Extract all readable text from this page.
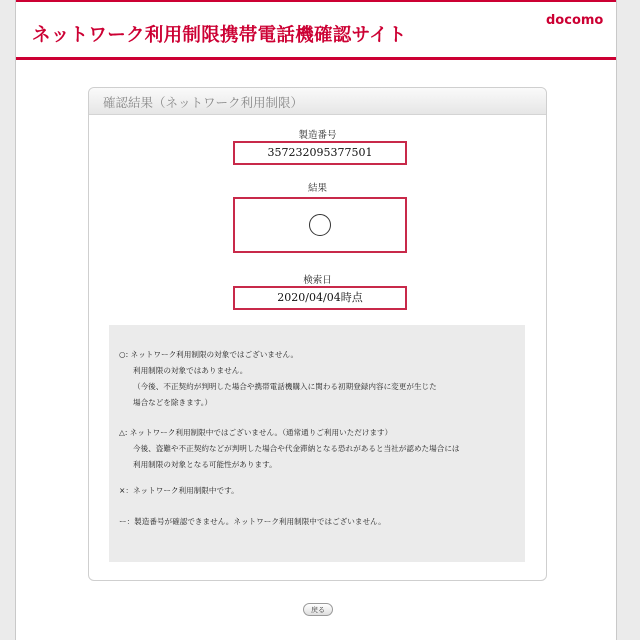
ネットワーク利用制限携帯電話機確認サイト
docomo
確認結果（ネットワーク利用制限）
製造番号
357232095377501
結果
検索日
2020/04/04時点
○: ネットワーク利用制限の対象ではございません。
利用制限の対象ではありません。
（今後、不正契約が判明した場合や携帯電話機購入に関わる初期登録内容に変更が生じた
場合などを除きます。）
△: ネットワーク利用制限中ではございません。（通常通りご利用いただけます）
今後、盗難や不正契約などが判明した場合や代金滞納となる恐れがあると当社が認めた場合には
利用制限の対象となる可能性があります。
×：ネットワーク利用制限中です。
ー：製造番号が確認できません。ネットワーク利用制限中ではございません。
戻る
